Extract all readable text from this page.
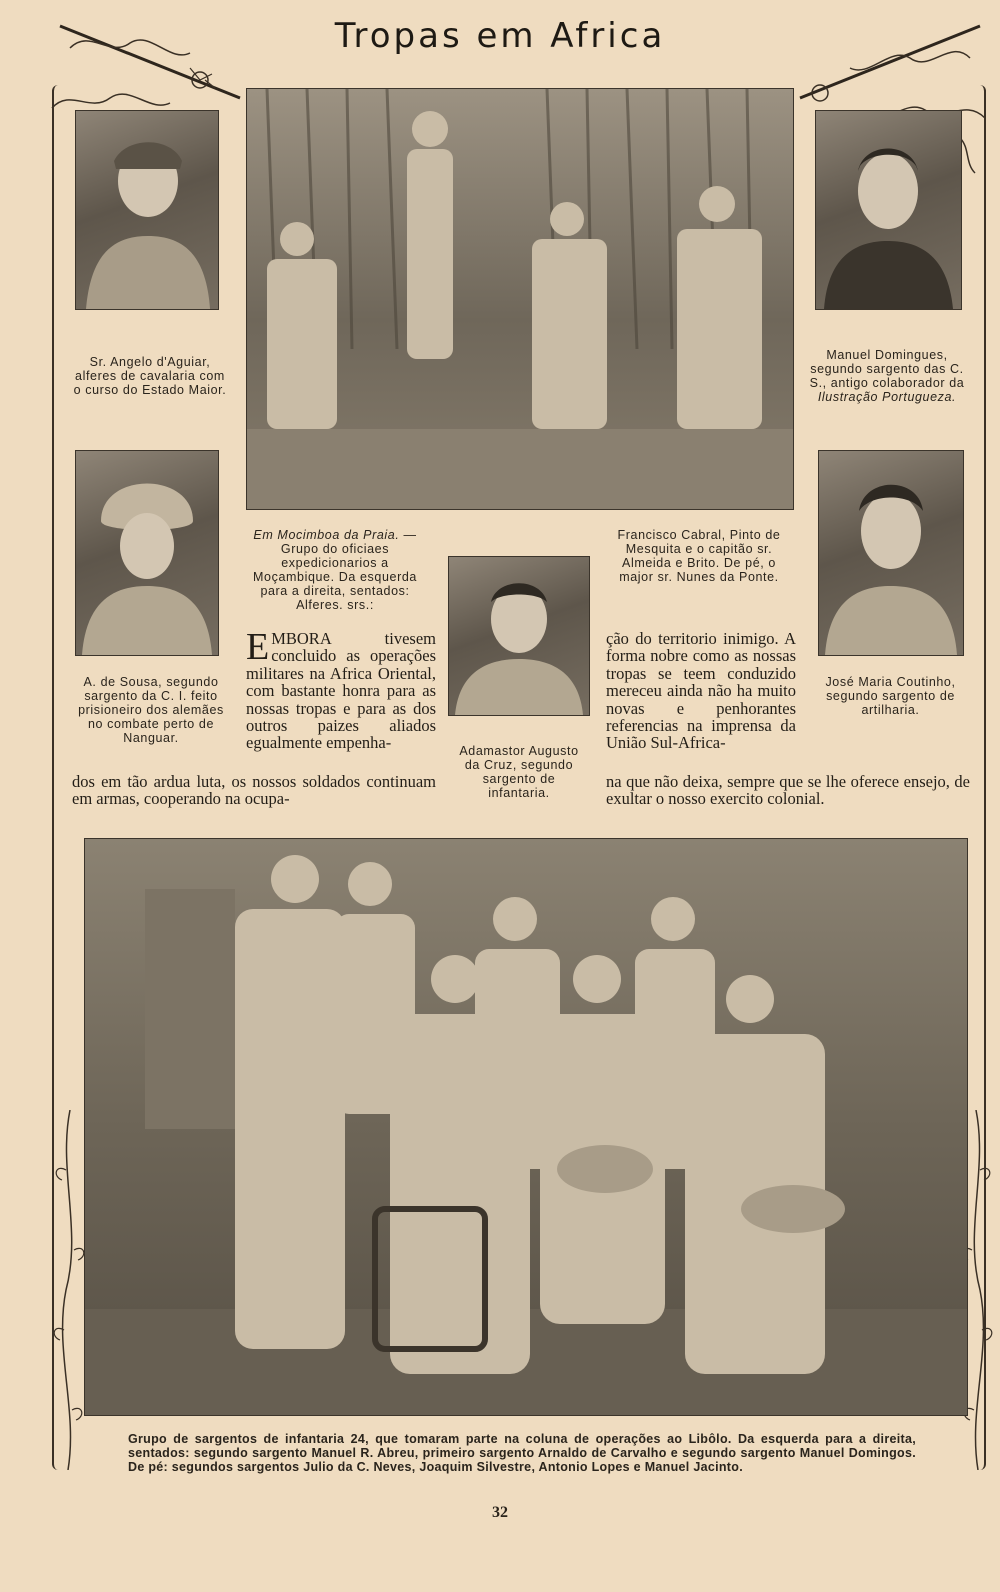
Tropas em Africa
Sr. Angelo d'Aguiar, alferes de cavalaria com o curso do Estado Maior.
Manuel Domingues, segundo sargento das C. S., antigo colaborador da Ilustração Portugueza.
A. de Sousa, segundo sargento da C. I. feito prisioneiro dos alemães no combate perto de Nanguar.
Em Mocimboa da Praia. —Grupo do oficiaes expedicionarios a Moçambique. Da esquerda para a direita, sentados: Alferes. srs.:
Francisco Cabral, Pinto de Mesquita e o capitão sr. Almeida e Brito. De pé, o major sr. Nunes da Ponte.
Adamastor Augusto da Cruz, segundo sargento de infantaria.
José Maria Coutinho, segundo sargento de artilharia.
EMBORA tivesem concluido as operações militares na Africa Oriental, com bastante honra para as nossas tropas e para as dos outros paizes aliados egualmente empenha-
dos em tão ardua luta, os nossos soldados continuam em armas, cooperando na ocupa-
ção do territorio inimigo. A forma nobre como as nossas tropas se teem conduzido mereceu ainda não ha muito novas e penhorantes referencias na imprensa da União Sul-Africa-
na que não deixa, sempre que se lhe oferece ensejo, de exultar o nosso exercito colonial.
Grupo de sargentos de infantaria 24, que tomaram parte na coluna de operações ao Libôlo. Da esquerda para a direita, sentados: segundo sargento Manuel R. Abreu, primeiro sargento Arnaldo de Carvalho e segundo sargento Manuel Domingos. De pé: segundos sargentos Julio da C. Neves, Joaquim Silvestre, Antonio Lopes e Manuel Jacinto.
32
